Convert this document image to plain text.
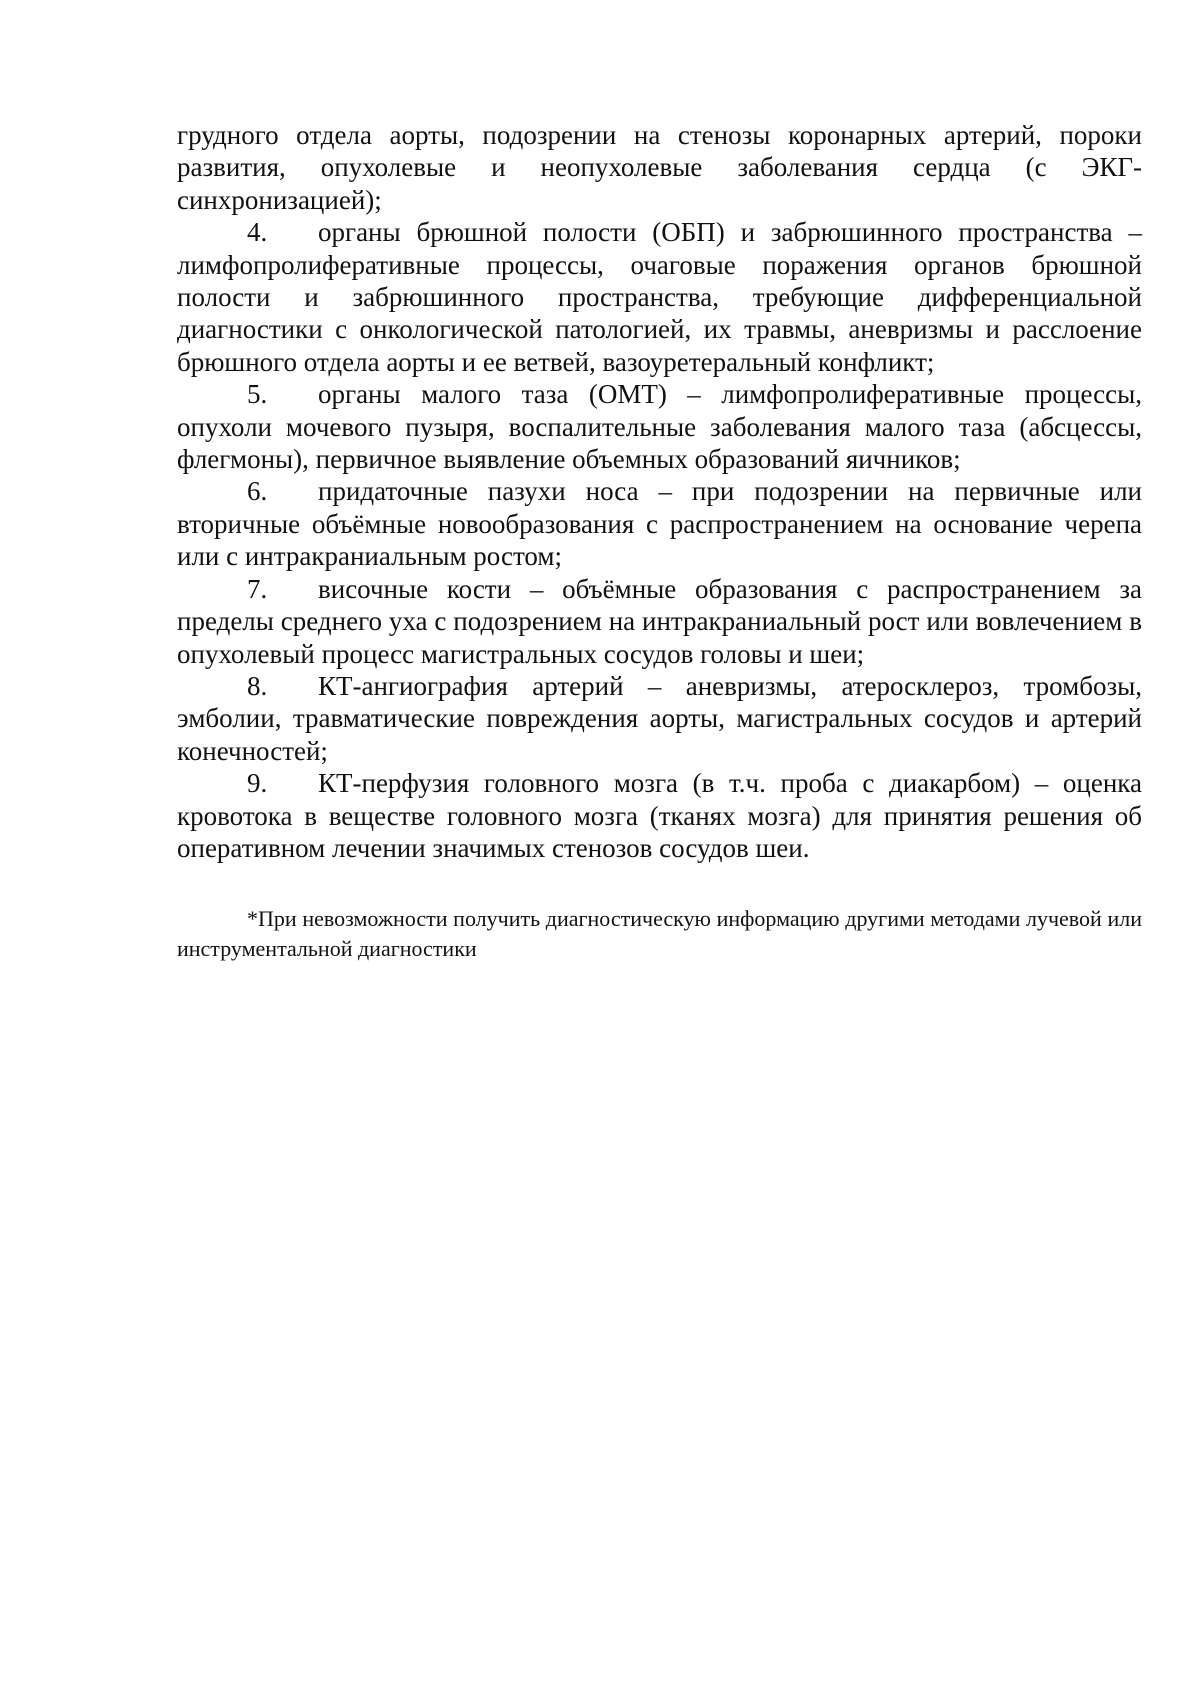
грудного отдела аорты, подозрении на стенозы коронарных артерий, пороки развития, опухолевые и неопухолевые заболевания сердца (с ЭКГ-синхронизацией);

4. органы брюшной полости (ОБП) и забрюшинного пространства – лимфопролиферативные процессы, очаговые поражения органов брюшной полости и забрюшинного пространства, требующие дифференциальной диагностики с онкологической патологией, их травмы, аневризмы и расслоение брюшного отдела аорты и ее ветвей, вазоуретеральный конфликт;

5. органы малого таза (ОМТ) – лимфопролиферативные процессы, опухоли мочевого пузыря, воспалительные заболевания малого таза (абсцессы, флегмоны), первичное выявление объемных образований яичников;

6. придаточные пазухи носа – при подозрении на первичные или вторичные объёмные новообразования с распространением на основание черепа или с интракраниальным ростом;

7. височные кости – объёмные образования с распространением за пределы среднего уха с подозрением на интракраниальный рост или вовлечением в опухолевый процесс магистральных сосудов головы и шеи;

8. КТ-ангиография артерий – аневризмы, атеросклероз, тромбозы, эмболии, травматические повреждения аорты, магистральных сосудов и артерий конечностей;

9. КТ-перфузия головного мозга (в т.ч. проба с диакарбом) – оценка кровотока в веществе головного мозга (тканях мозга) для принятия решения об оперативном лечении значимых стенозов сосудов шеи.

*При невозможности получить диагностическую информацию другими методами лучевой или инструментальной диагностики
